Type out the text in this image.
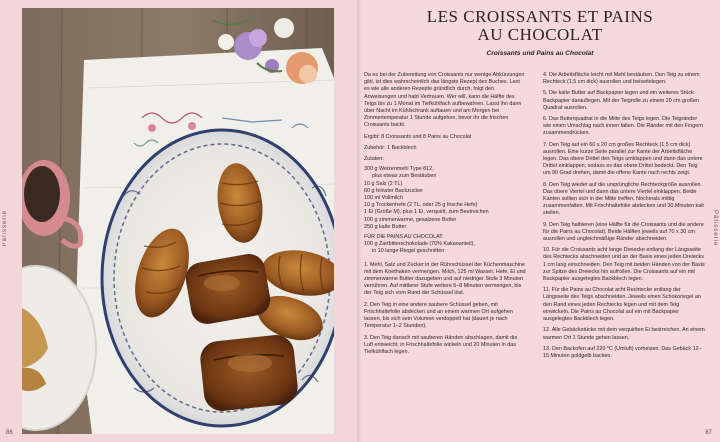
Pâtisserie	Pâtisserie
86	87
LES CROISSANTS ET PAINS
AU CHOCOLAT
Croissants und Pains au Chocolat

Da es bei der Zubereitung von Croissants nur wenige Abkürzungen gibt, ist dies wahrscheinlich das längste Rezept des Buches. Lest es wie alle anderen Rezepte gründlich durch, folgt den Anweisungen und habt Vertrauen. Wer will, kann die Hälfte des Teigs bis zu 1 Monat im Tiefkühlfach aufbewahren. Lasst ihn dann über Nacht im Kühlschrank auftauen und am Morgen bei Zimmertemperatur 1 Stunde aufgehen, bevor ihr die frischen Croissants backt.

Ergibt: 8 Croissants und 8 Pains au Chocolat

Zubehör: 1 Backblech

Zutaten:

300 g Weizenmehl Type 812,

plus etwas zum Bestäuben

10 g Salz (2 TL)

60 g feinster Backzucker

100 ml Vollmilch

10 g Trockenhefe (2 TL, oder 25 g frische Hefe)

1 Ei (Größe M), plus 1 Ei, verquirlt, zum Bestreichen

100 g zimmerwarme, gesalzene Butter

250 g kalte Butter

FÜR DIE PAINS AU CHOCOLAT:

100 g Zartbitterschokolade (70% Kakaoanteil),

in 10 lange Riegel geschnitten

1. Mehl, Salz und Zucker in der Rührschüssel der Küchenmaschine mit dem Knethaken vermengen. Milch, 125 ml Wasser, Hefe, Ei und zimmerwarme Butter dazugeben und auf niedriger Stufe 3 Minuten verrühren. Auf mittlerer Stufe weitere 5–8 Minuten vermengen, bis der Teig sich vom Rand der Schüssel löst.

2. Den Teig in eine andere saubere Schüssel geben, mit Frischhaltefolie abdecken und an einem warmen Ort aufgehen lassen, bis sich sein Volumen verdoppelt hat (dauert je nach Temperatur 1–2 Stunden).

3. Den Teig danach mit sauberen Händen abschlagen, damit die Luft entweicht, in Frischhaltefolie wickeln und 20 Minuten in das Tiefkühlfach legen.

4. Die Arbeitsfläche leicht mit Mehl bestäuben. Den Teig zu einem Rechteck (1,5 cm dick) ausrollen und beiseitelegen.

5. Die kalte Butter auf Backpapier legen und ein weiteres Stück Backpapier darauflegen. Mit der Teigrolle zu einem 20 cm großen Quadrat ausrollen.

6. Das Butterquadrat in die Mitte des Teigs legen. Die Teigränder wie einen Umschlag nach innen falten. Die Ränder mit den Fingern zusammendrücken.

7. Den Teig auf ein 60 x 20 cm großes Rechteck (1,5 cm dick) ausrollen. Eine kurze Seite parallel zur Kante der Arbeitsfläche legen. Das obere Drittel des Teigs umklappen und dann das untere Drittel einklappen, sodass es das obere Drittel bedeckt. Den Teig um 90 Grad drehen, damit die offene Kante nach rechts zeigt.

8. Den Teig wieder auf die ursprüngliche Rechteckgröße ausrollen. Das obere Viertel und dann das untere Viertel einklappen. Beide Kanten sollten sich in der Mitte treffen. Nochmals mittig zusammenfalten. Mit Frischhaltefolie abdecken und 30 Minuten kalt stellen.

9. Den Teig halbieren (eine Hälfte für die Croissants und die andere für die Pains au Chocolat). Beide Hälften jeweils auf 70 x 30 cm ausrollen und ungleichmäßige Ränder abschneiden.

10. Für die Croissants acht lange Dreiecke entlang der Längsseite des Rechtecks abschneiden und an der Basis eines jeden Dreiecks 1 cm lang einschneiden. Den Teig mit beiden Händen von der Basis zur Spitze des Dreiecks hin aufrollen. Die Croissants auf ein mit Backpapier ausgelegtes Backblech legen.

11. Für die Pains au Chocolat acht Rechtecke entlang der Längsseite des Teigs abschneiden. Jeweils einen Schokoriegel an den Rand eines jeden Rechtecks legen und mit dem Teig einwickeln. Die Pains au Chocolat auf ein mit Backpapier ausgelegtes Backblech legen.

12. Alle Gebäckstücke mit dem verquirlten Ei bestreichen. An einem warmen Ort 1 Stunde gehen lassen.

13. Den Backofen auf 220 °C (Umluft) vorheizen. Das Gebäck 12–15 Minuten goldgelb backen.
